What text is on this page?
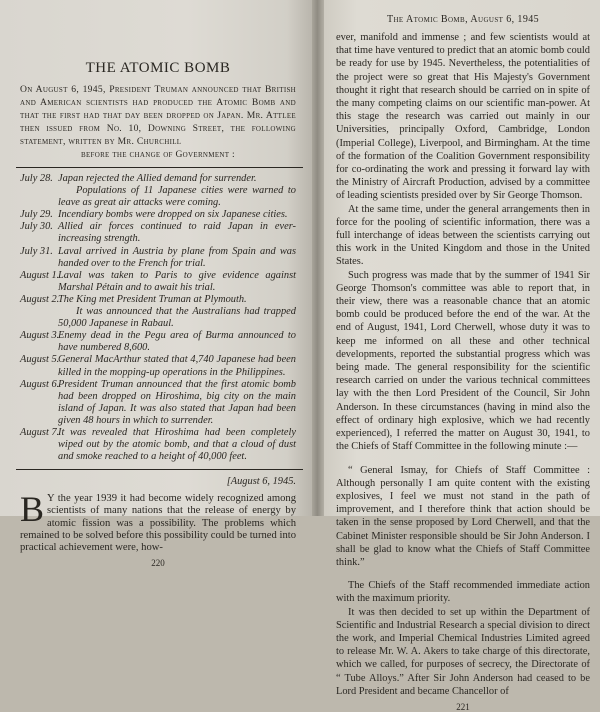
THE ATOMIC BOMB

On August 6, 1945, President Truman announced that British and American scientists had produced the Atomic Bomb and that the first had that day been dropped on Japan. Mr. Attlee then issued from No. 10, Downing Street, the following statement, written by Mr. Churchill

before the change of Government :
July 28. Japan rejected the Allied demand for surrender.

Populations of 11 Japanese cities were warned to leave as great air attacks were coming.

July 29. Incendiary bombs were dropped on six Japanese cities.

July 30. Allied air forces continued to raid Japan in ever-increasing strength.

July 31. Laval arrived in Austria by plane from Spain and was handed over to the French for trial.

August 1.

Laval was taken to Paris to give evidence against Marshal Pétain and to await his trial.

August 2.

The King met President Truman at Plymouth.

It was announced that the Australians had trapped 50,000 Japanese in Rabaul.

August 3.

Enemy dead in the Pegu area of Burma announced to have numbered 8,600.

August 5.

General MacArthur stated that 4,740 Japanese had been killed in the mopping-up operations in the Philippines.

August 6.

President Truman announced that the first atomic bomb had been dropped on Hiroshima, big city on the main island of Japan. It was also stated that Japan had been given 48 hours in which to surrender.

August 7.

It was revealed that Hiroshima had been completely wiped out by the atomic bomb, and that a cloud of dust and smoke reached to a height of 40,000 feet.

[August 6, 1945.

B Y the year 1939 it had become widely recognized among scientists of many nations that the release of energy by atomic fission was a possibility. The problems which remained to be solved before this possibility could be turned into practical achievement were, how-

220
The Atomic Bomb, August 6, 1945

ever, manifold and immense ; and few scientists would at that time have ventured to predict that an atomic bomb could be ready for use by 1945. Nevertheless, the potentialities of the project were so great that His Majesty's Government thought it right that research should be carried on in spite of the many competing claims on our scientific man-power. At this stage the research was carried out mainly in our Universities, principally Oxford, Cambridge, London (Imperial College), Liverpool, and Birmingham. At the time of the formation of the Coalition Government responsibility for co-ordinating the work and pressing it forward lay with the Ministry of Aircraft Production, advised by a committee of leading scientists presided over by Sir George Thomson.

At the same time, under the general arrangements then in force for the pooling of scientific information, there was a full interchange of ideas between the scientists carrying out this work in the United Kingdom and those in the United States.

Such progress was made that by the summer of 1941 Sir George Thomson's committee was able to report that, in their view, there was a reasonable chance that an atomic bomb could be produced before the end of the war. At the end of August, 1941, Lord Cherwell, whose duty it was to keep me informed on all these and other technical developments, reported the substantial progress which was being made. The general responsibility for the scientific research carried on under the various technical committees lay with the then Lord President of the Council, Sir John Anderson. In these circumstances (having in mind also the effect of ordinary high explosive, which we had recently experienced), I referred the matter on August 30, 1941, to the Chiefs of Staff Committee in the following minute :—

“ General Ismay, for Chiefs of Staff Committee : Although personally I am quite content with the existing explosives, I feel we must not stand in the path of improvement, and I therefore think that action should be taken in the sense proposed by Lord Cherwell, and that the Cabinet Minister responsible should be Sir John Anderson. I shall be glad to know what the Chiefs of Staff Committee think.”

The Chiefs of the Staff recommended immediate action with the maximum priority.

It was then decided to set up within the Department of Scientific and Industrial Research a special division to direct the work, and Imperial Chemical Industries Limited agreed to release Mr. W. A. Akers to take charge of this directorate, which we called, for purposes of secrecy, the Directorate of “ Tube Alloys.” After Sir John Anderson had ceased to be Lord President and became Chancellor of

221
